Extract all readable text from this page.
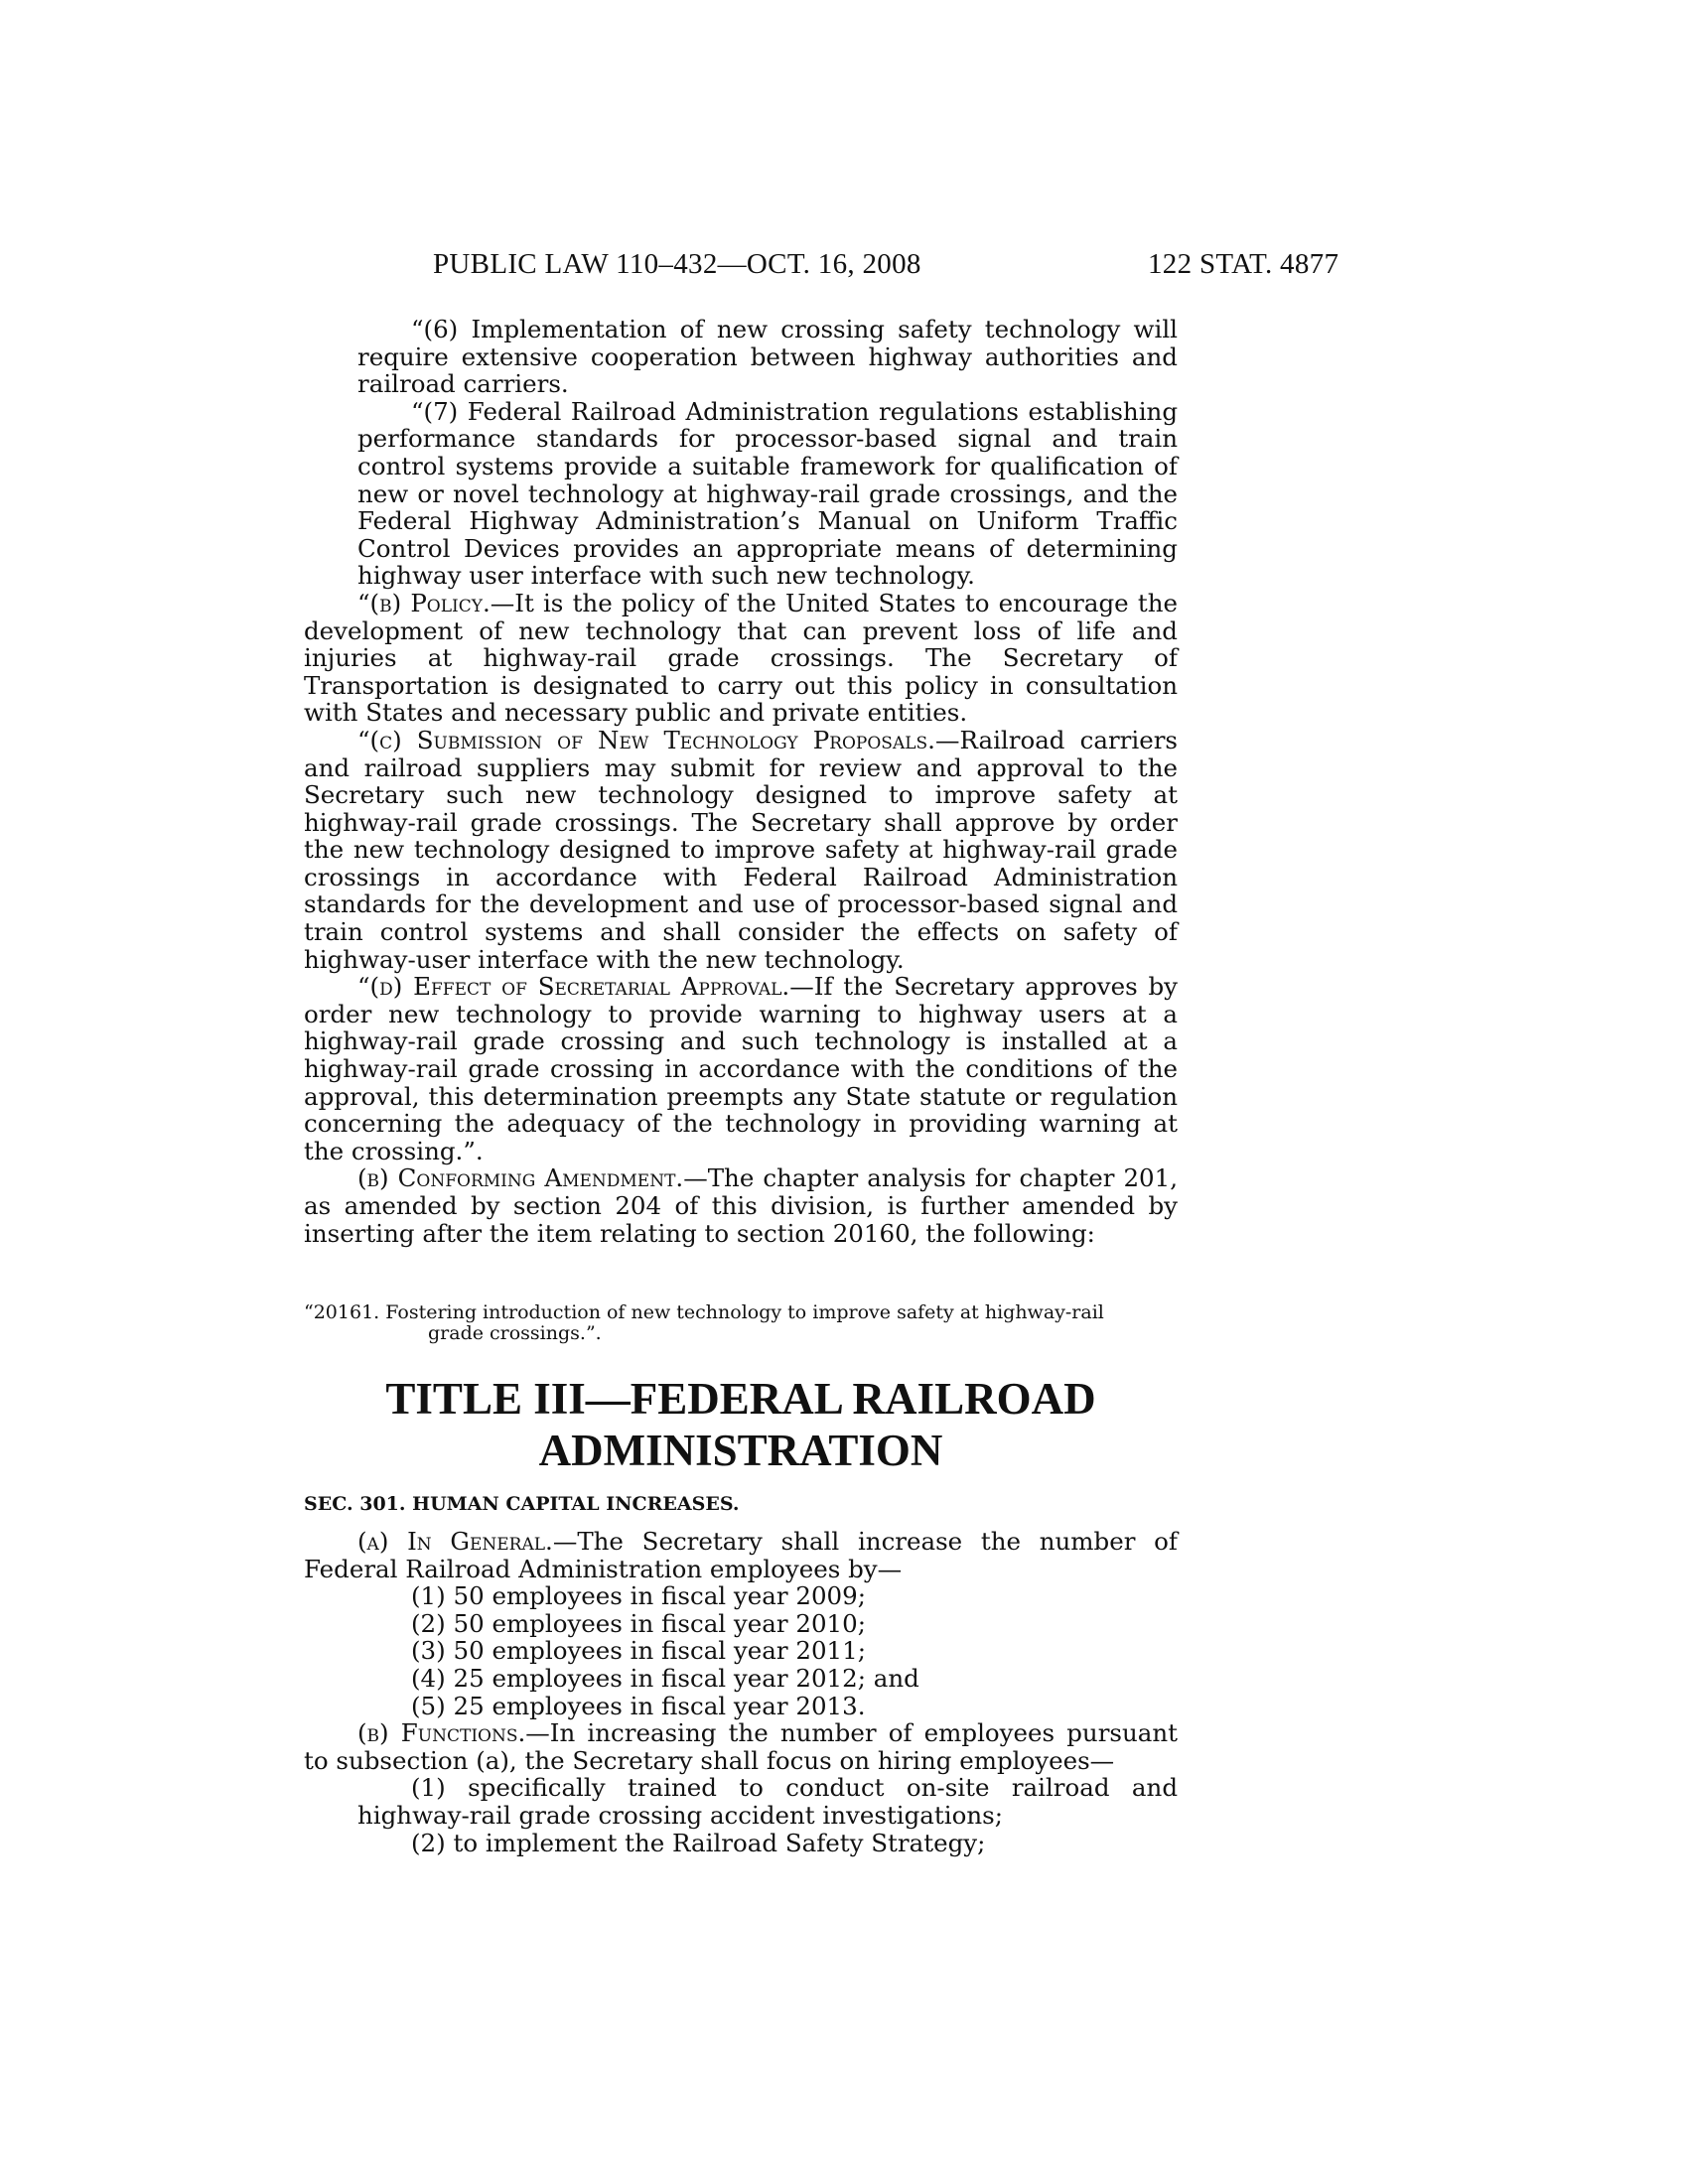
PUBLIC LAW 110–432—OCT. 16, 2008	122 STAT. 4877

“(6) Implementation of new crossing safety technology will require extensive cooperation between highway authorities and railroad carriers.

“(7) Federal Railroad Administration regulations establishing performance standards for processor-based signal and train control systems provide a suitable framework for qualification of new or novel technology at highway-rail grade crossings, and the Federal Highway Administration’s Manual on Uniform Traffic Control Devices provides an appropriate means of determining highway user interface with such new technology.

“(b) Policy.—It is the policy of the United States to encourage the development of new technology that can prevent loss of life and injuries at highway-rail grade crossings. The Secretary of Transportation is designated to carry out this policy in consultation with States and necessary public and private entities.

“(c) Submission of New Technology Proposals.—Railroad carriers and railroad suppliers may submit for review and approval to the Secretary such new technology designed to improve safety at highway-rail grade crossings. The Secretary shall approve by order the new technology designed to improve safety at highway-rail grade crossings in accordance with Federal Railroad Administration standards for the development and use of processor-based signal and train control systems and shall consider the effects on safety of highway-user interface with the new technology.

“(d) Effect of Secretarial Approval.—If the Secretary approves by order new technology to provide warning to highway users at a highway-rail grade crossing and such technology is installed at a highway-rail grade crossing in accordance with the conditions of the approval, this determination preempts any State statute or regulation concerning the adequacy of the technology in providing warning at the crossing.”.

(b) Conforming Amendment.—The chapter analysis for chapter 201, as amended by section 204 of this division, is further amended by inserting after the item relating to section 20160, the following:

“20161. Fostering introduction of new technology to improve safety at highway-rail
grade crossings.”.
TITLE III—FEDERAL RAILROAD
ADMINISTRATION
SEC. 301. HUMAN CAPITAL INCREASES.

(a) In General.—The Secretary shall increase the number of Federal Railroad Administration employees by—

(1) 50 employees in fiscal year 2009;
(2) 50 employees in fiscal year 2010;
(3) 50 employees in fiscal year 2011;
(4) 25 employees in fiscal year 2012; and
(5) 25 employees in fiscal year 2013.

(b) Functions.—In increasing the number of employees pursuant to subsection (a), the Secretary shall focus on hiring employees—

(1) specifically trained to conduct on-site railroad and highway-rail grade crossing accident investigations;

(2) to implement the Railroad Safety Strategy;
